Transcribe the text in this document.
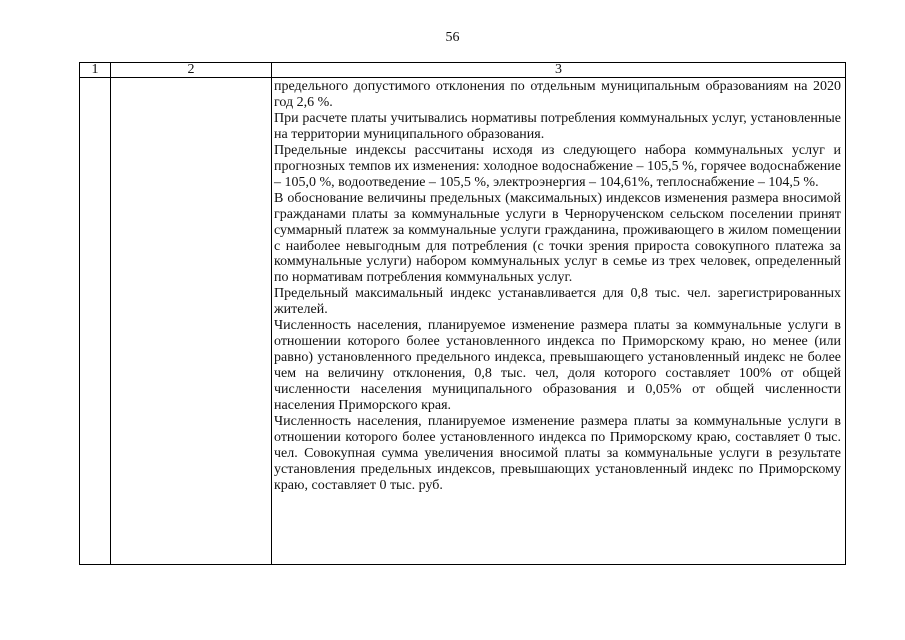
56
1	2	3

предельного допустимого отклонения по отдельным муниципальным образованиям на 2020 год 2,6 %.

При расчете платы учитывались нормативы потребления коммунальных услуг, установленные на территории муниципального образования.

Предельные индексы рассчитаны исходя из следующего набора коммунальных услуг и прогнозных темпов их изменения: холодное водоснабжение – 105,5 %, горячее водоснабжение – 105,0 %, водоотведение – 105,5 %, электроэнергия – 104,61%, теплоснабжение – 104,5 %.

В обоснование величины предельных (максимальных) индексов изменения размера вносимой гражданами платы за коммунальные услуги в Чернорученском сельском поселении принят суммарный платеж за коммунальные услуги гражданина, проживающего в жилом помещении с наиболее невыгодным для потребления (с точки зрения прироста совокупного платежа за коммунальные услуги) набором коммунальных услуг в семье из трех человек, определенный по нормативам потребления коммунальных услуг.

Предельный максимальный индекс устанавливается для 0,8 тыс. чел. зарегистрированных жителей.

Численность населения, планируемое изменение размера платы за коммунальные услуги в отношении которого более установленного индекса по Приморскому краю, но менее (или равно) установленного предельного индекса, превышающего установленный индекс не более чем на величину отклонения, 0,8 тыс. чел, доля которого составляет 100% от общей численности населения муниципального образования и 0,05% от общей численности населения Приморского края.

Численность населения, планируемое изменение размера платы за коммунальные услуги в отношении которого более установленного индекса по Приморскому краю, составляет 0 тыс. чел. Совокупная сумма увеличения вносимой платы за коммунальные услуги в результате установления предельных индексов, превышающих установленный индекс по Приморскому краю, составляет 0 тыс. руб.
